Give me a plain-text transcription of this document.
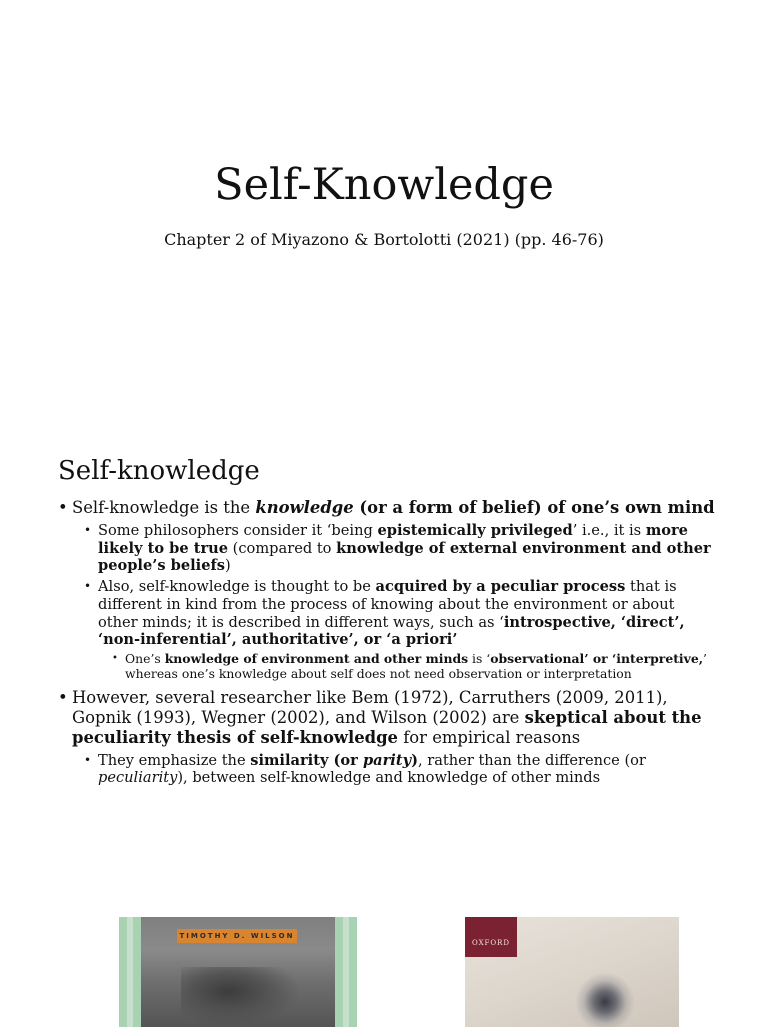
Self-Knowledge

Chapter 2 of Miyazono & Bortolotti (2021) (pp. 46-76)

Self-knowledge

• Self-knowledge is the knowledge (or a form of belief) of one’s own mind

• Some philosophers consider it ‘being epistemically privileged’ i.e., it is more likely to be true (compared to knowledge of external environment and other people’s beliefs)

• Also, self-knowledge is thought to be acquired by a peculiar process that is different in kind from the process of knowing about the environment or about other minds; it is described in different ways, such as ‘introspective, ‘direct’, ‘non-inferential’, authoritative’, or ‘a priori’

• One’s knowledge of environment and other minds is ‘observational’ or ‘interpretive,’ whereas one’s knowledge about self does not need observation or interpretation

• However, several researcher like Bem (1972), Carruthers (2009, 2011), Gopnik (1993), Wegner (2002), and Wilson (2002) are skeptical about the peculiarity thesis of self-knowledge for empirical reasons

• They emphasize the similarity (or parity), rather than the difference (or peculiarity), between self-knowledge and knowledge of other minds

TIMOTHY D. WILSON
OXFORD
